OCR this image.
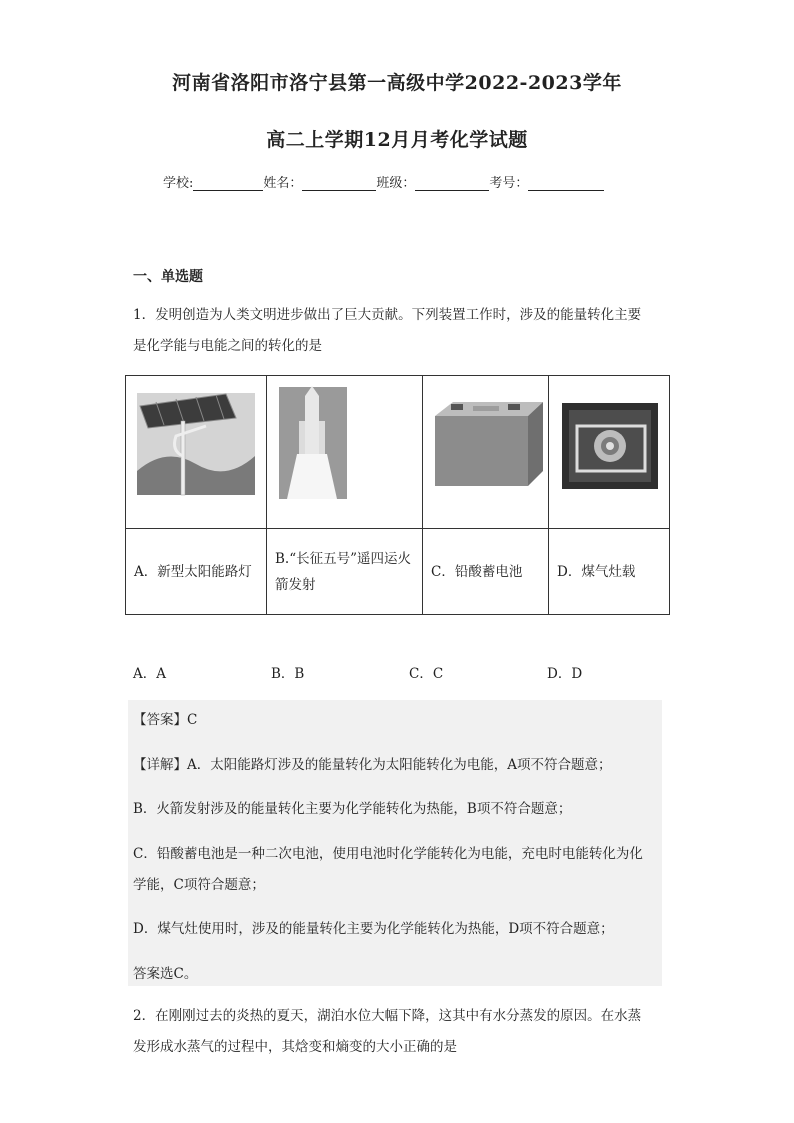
河南省洛阳市洛宁县第一高级中学2022-2023学年
高二上学期12月月考化学试题
学校:	姓名：	班级：	考号：
一、单选题
1．发明创造为人类文明进步做出了巨大贡献。下列装置工作时，涉及的能量转化主要
是化学能与电能之间的转化的是

A．新型太阳能路灯	B.“长征五号”遥四运火箭发射	C．铅酸蓄电池	D．煤气灶载
A．A	B．B	C．C	D．D
【答案】C
【详解】A．太阳能路灯涉及的能量转化为太阳能转化为电能，A项不符合题意；
B．火箭发射涉及的能量转化主要为化学能转化为热能，B项不符合题意；
C．铅酸蓄电池是一种二次电池，使用电池时化学能转化为电能，充电时电能转化为化
学能，C项符合题意；
D．煤气灶使用时，涉及的能量转化主要为化学能转化为热能，D项不符合题意；
答案选C。
2．在刚刚过去的炎热的夏天，湖泊水位大幅下降，这其中有水分蒸发的原因。在水蒸
发形成水蒸气的过程中，其焓变和熵变的大小正确的是
